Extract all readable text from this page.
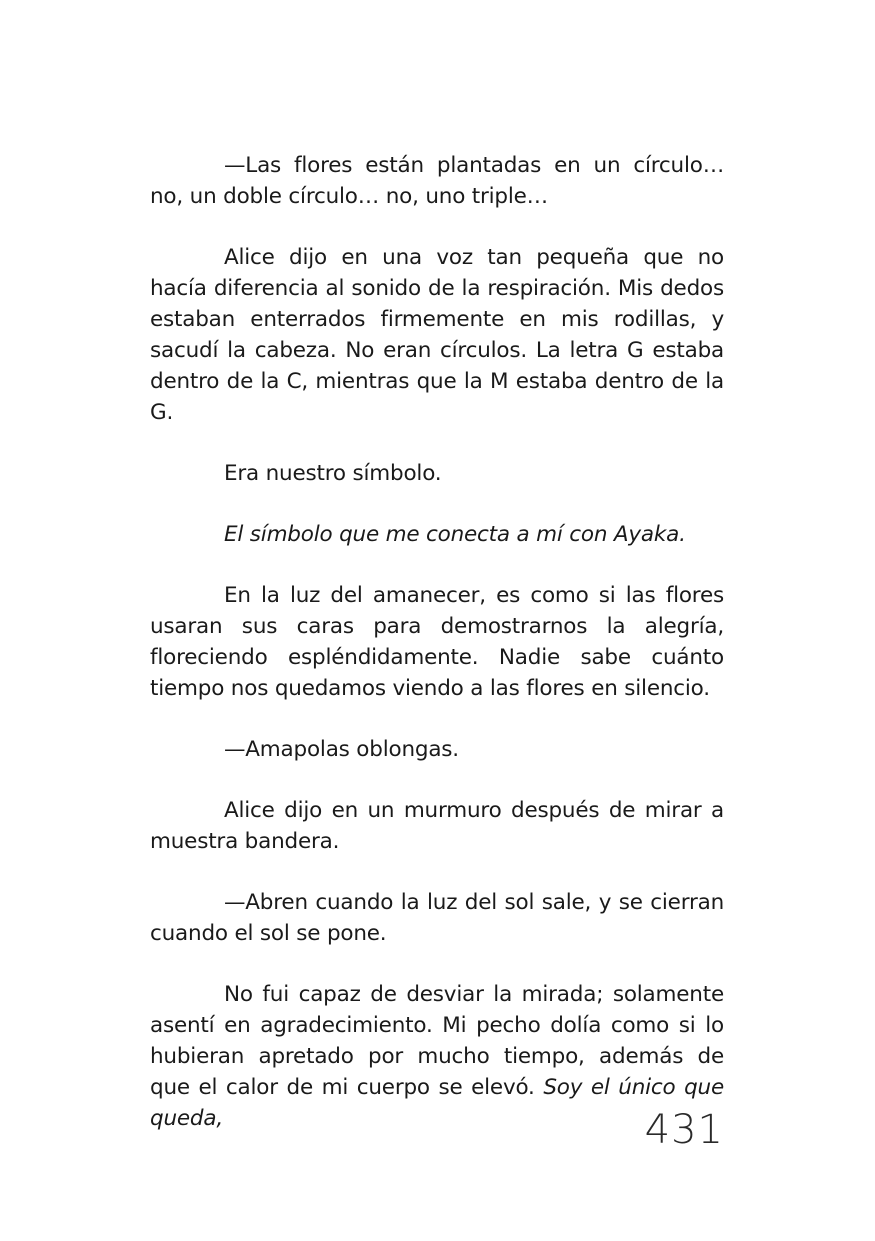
—Las flores están plantadas en un círculo… no, un doble círculo… no, uno triple…

Alice dijo en una voz tan pequeña que no hacía diferencia al sonido de la respiración. Mis dedos estaban enterrados firmemente en mis rodillas, y sacudí la cabeza. No eran círculos. La letra G estaba dentro de la C, mientras que la M estaba dentro de la G.

Era nuestro símbolo.

El símbolo que me conecta a mí con Ayaka.

En la luz del amanecer, es como si las flores usaran sus caras para demostrarnos la alegría, floreciendo espléndidamente. Nadie sabe cuánto tiempo nos quedamos viendo a las flores en silencio.

—Amapolas oblongas.

Alice dijo en un murmuro después de mirar a muestra bandera.

—Abren cuando la luz del sol sale, y se cierran cuando el sol se pone.

No fui capaz de desviar la mirada; solamente asentí en agradecimiento. Mi pecho dolía como si lo hubieran apretado por mucho tiempo, además de que el calor de mi cuerpo se elevó. Soy el único que queda,	431
